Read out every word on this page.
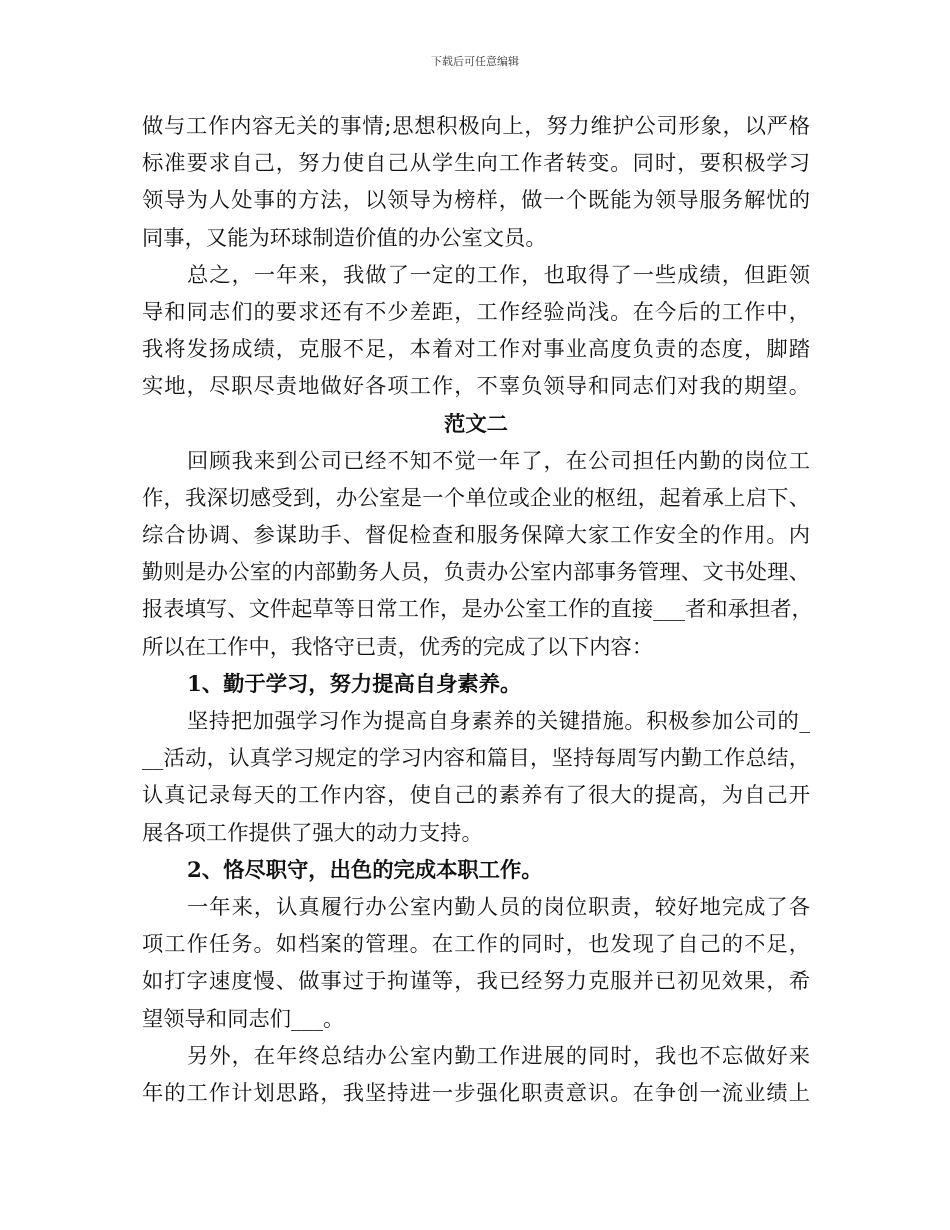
下载后可任意编辑
做与工作内容无关的事情;思想积极向上，努力维护公司形象，以严格
标准要求自己，努力使自己从学生向工作者转变。同时，要积极学习
领导为人处事的方法，以领导为榜样，做一个既能为领导服务解忧的
同事，又能为环球制造价值的办公室文员。
总之，一年来，我做了一定的工作，也取得了一些成绩，但距领
导和同志们的要求还有不少差距，工作经验尚浅。在今后的工作中，
我将发扬成绩，克服不足，本着对工作对事业高度负责的态度，脚踏
实地，尽职尽责地做好各项工作，不辜负领导和同志们对我的期望。
范文二
回顾我来到公司已经不知不觉一年了，在公司担任内勤的岗位工
作，我深切感受到，办公室是一个单位或企业的枢纽，起着承上启下、
综合协调、参谋助手、督促检查和服务保障大家工作安全的作用。内
勤则是办公室的内部勤务人员，负责办公室内部事务管理、文书处理、
报表填写、文件起草等日常工作，是办公室工作的直接___者和承担者，
所以在工作中，我恪守已责，优秀的完成了以下内容：
1、勤于学习，努力提高自身素养。
坚持把加强学习作为提高自身素养的关键措施。积极参加公司的_
__活动，认真学习规定的学习内容和篇目，坚持每周写内勤工作总结，
认真记录每天的工作内容，使自己的素养有了很大的提高，为自己开
展各项工作提供了强大的动力支持。
2、恪尽职守，出色的完成本职工作。
一年来，认真履行办公室内勤人员的岗位职责，较好地完成了各
项工作任务。如档案的管理。在工作的同时，也发现了自己的不足，
如打字速度慢、做事过于拘谨等，我已经努力克服并已初见效果，希
望领导和同志们___。
另外，在年终总结办公室内勤工作进展的同时，我也不忘做好来
年的工作计划思路，我坚持进一步强化职责意识。在争创一流业绩上
